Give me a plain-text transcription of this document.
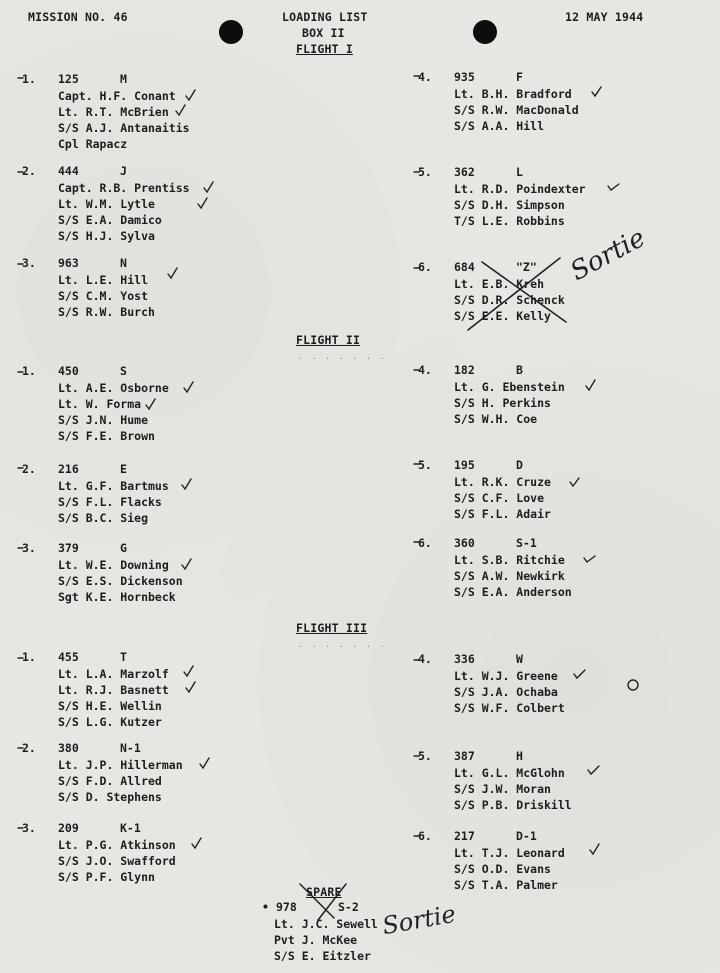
MISSION NO. 46	LOADING LIST
BOX II
12 MAY 1944
FLIGHT I
FLIGHT II
. . . . . . .
FLIGHT III
. . . . . . .
1. 125	M
Capt. H.F. Conant
Lt. R.T. McBrien
S/S A.J. Antanaitis
Cpl Rapacz
2. 444	J
Capt. R.B. Prentiss
Lt. W.M. Lytle
S/S E.A. Damico
S/S H.J. Sylva
3. 963	N
Lt. L.E. Hill
S/S C.M. Yost
S/S R.W. Burch
4. 935	F
Lt. B.H. Bradford
S/S R.W. MacDonald
S/S A.A. Hill
5. 362	L
Lt. R.D. Poindexter
S/S D.H. Simpson
T/S L.E. Robbins
6. 684	"Z"
Lt. E.B. Kreh
S/S D.R. Schenck
S/S E.E. Kelly
1. 450	S
Lt. A.E. Osborne
Lt. W. Forma
S/S J.N. Hume
S/S F.E. Brown
2. 216	E
Lt. G.F. Bartmus
S/S F.L. Flacks
S/S B.C. Sieg
3. 379	G
Lt. W.E. Downing
S/S E.S. Dickenson
Sgt K.E. Hornbeck
4. 182	B
Lt. G. Ebenstein
S/S H. Perkins
S/S W.H. Coe
5. 195	D
Lt. R.K. Cruze
S/S C.F. Love
S/S F.L. Adair
6. 360	S-1
Lt. S.B. Ritchie
S/S A.W. Newkirk
S/S E.A. Anderson
1. 455	T
Lt. L.A. Marzolf
Lt. R.J. Basnett
S/S H.E. Wellin
S/S L.G. Kutzer
2. 380	N-1
Lt. J.P. Hillerman
S/S F.D. Allred
S/S D. Stephens
3. 209	K-1
Lt. P.G. Atkinson
S/S J.O. Swafford
S/S P.F. Glynn
4. 336	W
Lt. W.J. Greene
S/S J.A. Ochaba
S/S W.F. Colbert
5. 387	H
Lt. G.L. McGlohn
S/S J.W. Moran
S/S P.B. Driskill
6. 217	D-1
Lt. T.J. Leonard
S/S O.D. Evans
S/S T.A. Palmer
SPARE
• 978	S-2
Lt. J.C. Sewell
Pvt J. McKee
S/S E. Eitzler
Sortie
Sortie
